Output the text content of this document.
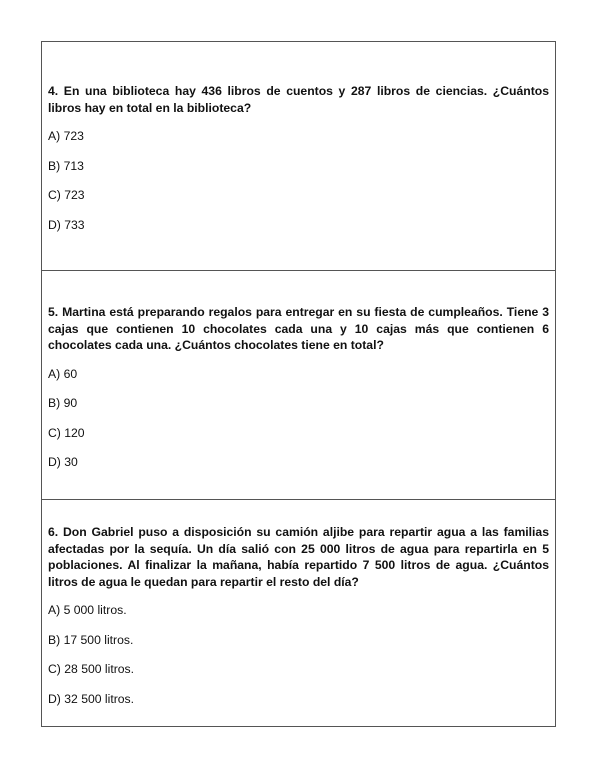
4. En una biblioteca hay 436 libros de cuentos y 287 libros de ciencias. ¿Cuántos libros hay en total en la biblioteca?

A) 723
B) 713
C) 723
D) 733

5. Martina está preparando regalos para entregar en su fiesta de cumpleaños. Tiene 3 cajas que contienen 10 chocolates cada una y 10 cajas más que contienen 6 chocolates cada una. ¿Cuántos chocolates tiene en total?

A) 60
B) 90
C) 120
D) 30

6. Don Gabriel puso a disposición su camión aljibe para repartir agua a las familias afectadas por la sequía. Un día salió con 25 000 litros de agua para repartirla en 5 poblaciones. Al finalizar la mañana, había repartido 7 500 litros de agua. ¿Cuántos litros de agua le quedan para repartir el resto del día?

A) 5 000 litros.
B) 17 500 litros.
C) 28 500 litros.
D) 32 500 litros.
